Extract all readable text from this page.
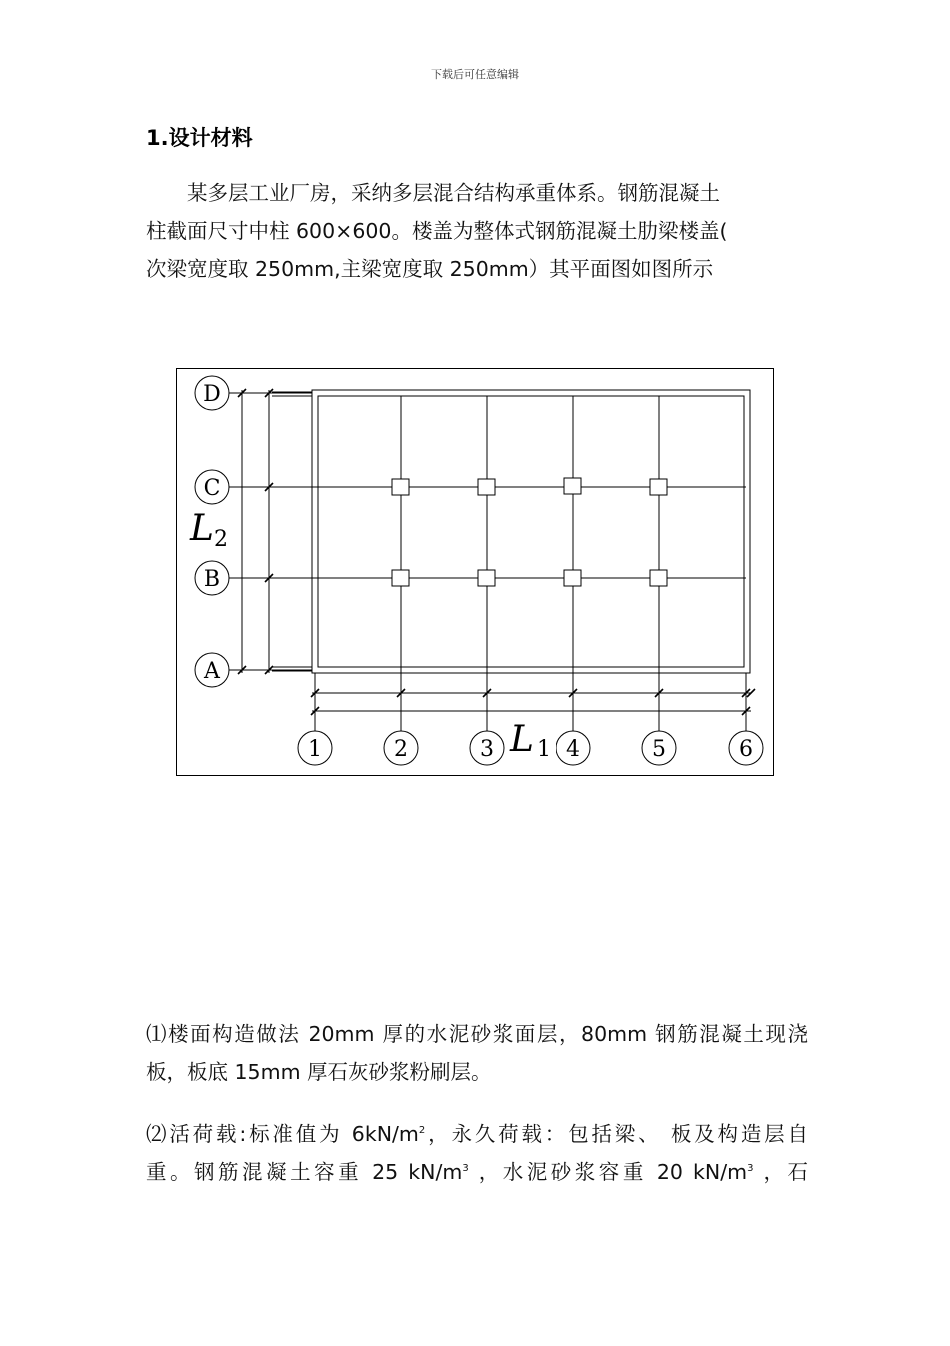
下载后可任意编辑
1.设计材料
某多层工业厂房，采纳多层混合结构承重体系。钢筋混凝土
柱截面尺寸中柱 600×600。楼盖为整体式钢筋混凝土肋梁楼盖(
次梁宽度取 250mm,主梁宽度取 250mm）其平面图如图所示
D
C
B
A
1	2	3	4	5	6
L 2
L 1
⑴楼面构造做法 20mm 厚的水泥砂浆面层，80mm 钢筋混凝土现浇
板，板底 15mm 厚石灰砂浆粉刷层。
⑵活荷载:标准值为 $6kN/m^2$，永久荷载：包括梁、 板及构造层自
重。钢筋混凝土容重 25 $kN/m^3$ ，水泥砂浆容重 20 $kN/m^3$ ，石
